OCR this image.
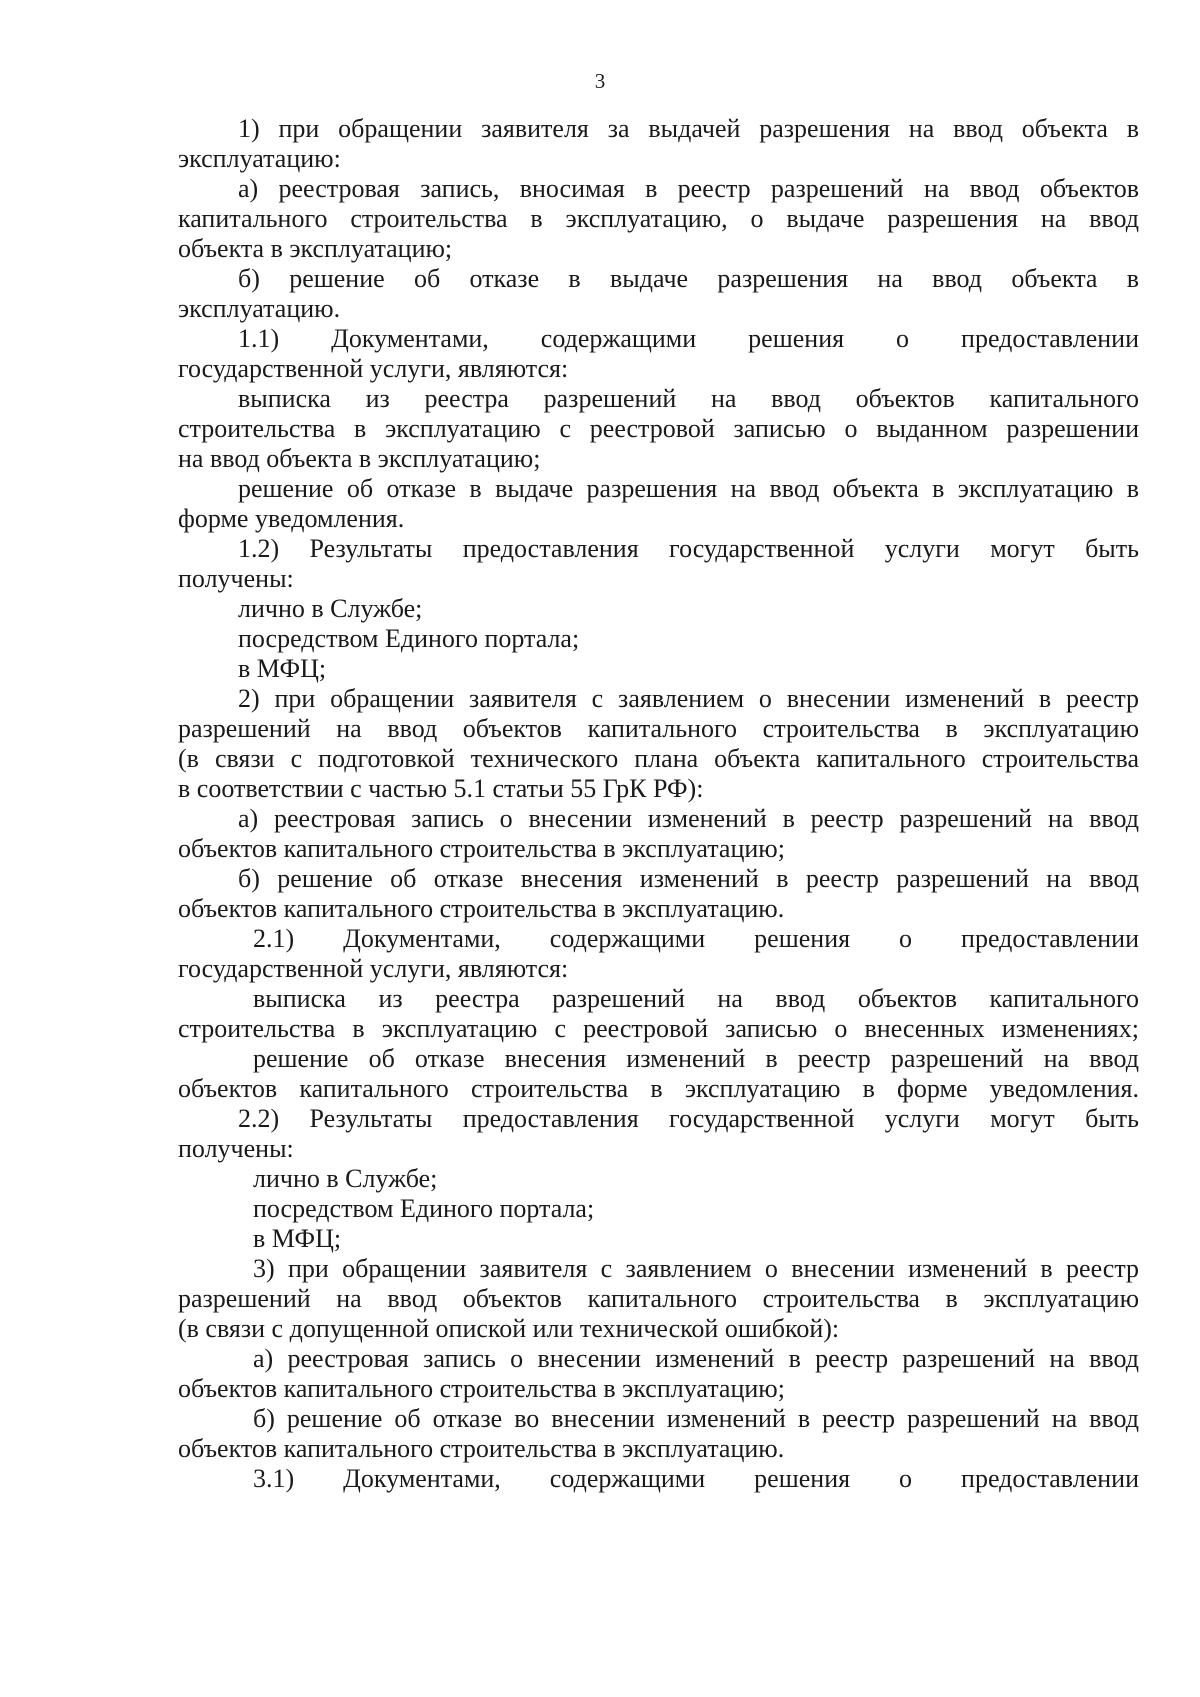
3
1) при обращении заявителя за выдачей разрешения на ввод объекта в
эксплуатацию:
а) реестровая запись, вносимая в реестр разрешений на ввод объектов
капитального строительства в эксплуатацию, о выдаче разрешения на ввод
объекта в эксплуатацию;
б) решение об отказе в выдаче разрешения на ввод объекта в
эксплуатацию.
1.1) Документами, содержащими решения о предоставлении
государственной услуги, являются:
выписка из реестра разрешений на ввод объектов капитального
строительства в эксплуатацию с реестровой записью о выданном разрешении
на ввод объекта в эксплуатацию;
решение об отказе в выдаче разрешения на ввод объекта в эксплуатацию в
форме уведомления.
1.2) Результаты предоставления государственной услуги могут быть
получены:
лично в Службе;
посредством Единого портала;
в МФЦ;
2) при обращении заявителя с заявлением о внесении изменений в реестр
разрешений на ввод объектов капитального строительства в эксплуатацию
(в связи с подготовкой технического плана объекта капитального строительства
в соответствии с частью 5.1 статьи 55 ГрК РФ):
а) реестровая запись о внесении изменений в реестр разрешений на ввод
объектов капитального строительства в эксплуатацию;
б) решение об отказе внесения изменений в реестр разрешений на ввод
объектов капитального строительства в эксплуатацию.
2.1) Документами, содержащими решения о предоставлении
государственной услуги, являются:
выписка из реестра разрешений на ввод объектов капитального
строительства в эксплуатацию с реестровой записью о внесенных изменениях;
решение об отказе внесения изменений в реестр разрешений на ввод
объектов капитального строительства в эксплуатацию в форме уведомления.
2.2) Результаты предоставления государственной услуги могут быть
получены:
лично в Службе;
посредством Единого портала;
в МФЦ;
3) при обращении заявителя с заявлением о внесении изменений в реестр
разрешений на ввод объектов капитального строительства в эксплуатацию
(в связи с допущенной опиской или технической ошибкой):
а) реестровая запись о внесении изменений в реестр разрешений на ввод
объектов капитального строительства в эксплуатацию;
б) решение об отказе во внесении изменений в реестр разрешений на ввод
объектов капитального строительства в эксплуатацию.
3.1) Документами, содержащими решения о предоставлении
